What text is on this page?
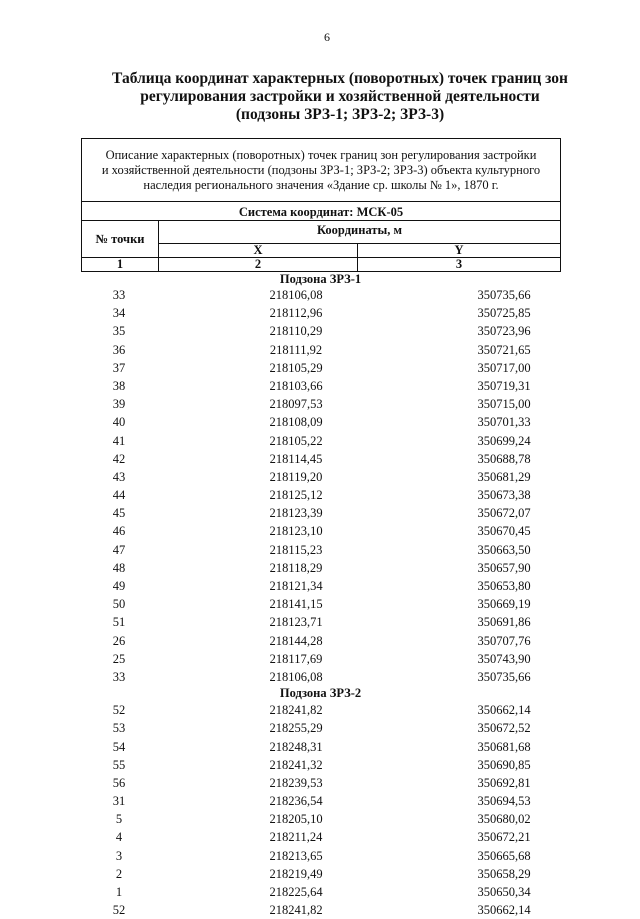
6
Таблица координат характерных (поворотных) точек границ зон
регулирования застройки и хозяйственной деятельности
(подзоны ЗРЗ-1; ЗРЗ-2; ЗРЗ-3)
Описание характерных (поворотных) точек границ зон регулирования застройки
и хозяйственной деятельности (подзоны ЗРЗ-1; ЗРЗ-2; ЗРЗ-3) объекта культурного
наследия регионального значения «Здание ср. школы № 1», 1870 г.		

Система координат: МСК-05		
№ точки	Координаты, м	
	X	Y
1	2	3
Подзона ЗРЗ-1
33	218106,08	350735,66
34	218112,96	350725,85
35	218110,29	350723,96
36	218111,92	350721,65
37	218105,29	350717,00
38	218103,66	350719,31
39	218097,53	350715,00
40	218108,09	350701,33
41	218105,22	350699,24
42	218114,45	350688,78
43	218119,20	350681,29
44	218125,12	350673,38
45	218123,39	350672,07
46	218123,10	350670,45
47	218115,23	350663,50
48	218118,29	350657,90
49	218121,34	350653,80
50	218141,15	350669,19
51	218123,71	350691,86
26	218144,28	350707,76
25	218117,69	350743,90
33	218106,08	350735,66
Подзона ЗРЗ-2
52	218241,82	350662,14
53	218255,29	350672,52
54	218248,31	350681,68
55	218241,32	350690,85
56	218239,53	350692,81
31	218236,54	350694,53
5	218205,10	350680,02
4	218211,24	350672,21
3	218213,65	350665,68
2	218219,49	350658,29
1	218225,64	350650,34
52	218241,82	350662,14
